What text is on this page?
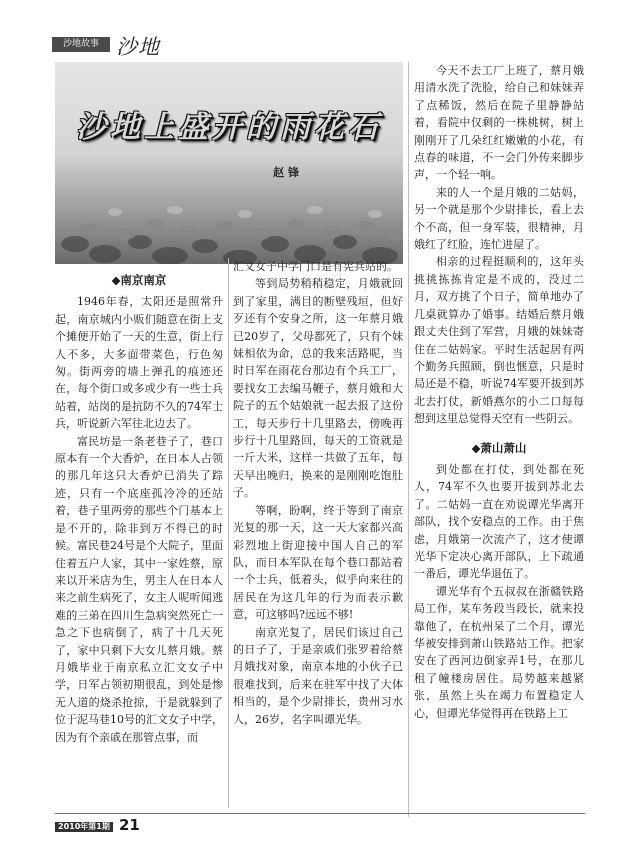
沙地故事 沙地
沙地上盛开的雨花石
赵锋
◆南京南京

1946年春，太阳还是照常升起，南京城内小贩们随意在街上支个摊便开始了一天的生意，街上行人不多，大多面带菜色，行色匆匆。街两旁的墙上弹孔的痕迹还在，每个街口或多或少有一些士兵站着，站岗的是抗防不久的74军士兵，听说新六军往北边去了。

富民坊是一条老巷子了，巷口原本有一个大香炉，在日本人占领的那几年这只大香炉已消失了踪迹，只有一个底座孤冷冷的还站着，巷子里两旁的那些个门基本上是不开的，除非到万不得已的时候。富民巷24号是个大院子，里面住着五户人家，其中一家姓蔡，原来以开米店为生，男主人在日本人来之前生病死了，女主人呢听闻逃难的三弟在四川生急病突然死亡一急之下也病倒了，病了十几天死了，家中只剩下大女儿蔡月娥。蔡月娥毕业于南京私立汇文女子中学，日军占领初期很乱，到处是惨无人道的烧杀抢掠，于是就躲到了位于泥马巷10号的汇文女子中学，因为有个亲戚在那管点事，而

汇文女子中学门口是有宪兵站的。

等到局势稍稍稳定，月娥就回到了家里，满目的断壁残垣，但好歹还有个安身之所，这一年蔡月娥已20岁了，父母都死了，只有个妹妹相依为命，总的我来活路呢，当时日军在雨花台那边有个兵工厂，要找女工去编马鞭子，蔡月娥和大院子的五个姑娘就一起去报了这份工，每天步行十几里路去，傍晚再步行十几里路回，每天的工资就是一斤大米，这样一共做了五年，每天早出晚归，换来的是刚刚吃饱肚子。

等啊，盼啊，终于等到了南京光复的那一天，这一天大家都兴高彩烈地上街迎接中国人自己的军队，而日本军队在每个巷口都站着一个士兵，低着头，似乎向来往的居民在为这几年的行为而表示歉意，可这够吗?远远不够!

南京光复了，居民们该过自己的日子了，于是亲戚们张罗着给蔡月娥找对象，南京本地的小伙子已很难找到，后来在驻军中找了大体相当的，是个少尉排长，贵州习水人，26岁，名字叫谭光华。

今天不去工厂上班了，蔡月娥用清水洗了洗脸，给自己和妹妹弄了点稀饭，然后在院子里静静站着，看院中仅剩的一株桃树，树上刚刚开了几朵红红嫩嫩的小花，有点春的味道，不一会门外传来脚步声，一个轻一响。

来的人一个是月娥的二姑妈，另一个就是那个少尉排长，看上去个不高，但一身军装，很精神，月娥红了红脸，连忙进屋了。

相亲的过程挺顺利的，这年头挑挑拣拣肯定是不成的，没过二月，双方挑了个日子，简单地办了几桌就算办了婚事。结婚后蔡月娥跟丈夫住到了军营，月娥的妹妹寄住在二姑妈家。平时生活起居有两个勤务兵照顾，倒也惬意，只是时局还是不稳，听说74军要开拔到苏北去打仗，新婚燕尔的小二口每每想到这里总觉得天空有一些阴云。

◆萧山萧山

到处都在打仗，到处都在死人，74军不久也要开拔到苏北去了。二姑妈一直在劝说谭光华离开部队，找个安稳点的工作。由于焦虑，月娥第一次流产了，这才使谭光华下定决心离开部队，上下疏通一番后，谭光华退伍了。

谭光华有个五叔叔在浙赣铁路局工作，某车务段当段长，就来投靠他了，在杭州呆了二个月，谭光华被安排到萧山铁路站工作。把家安在了西河边倒家弄1号，在那儿租了幢楼房居住。局势越来越紧张，虽然上头在竭力布置稳定人心，但谭光华觉得再在铁路上工

2010年第1期 21
